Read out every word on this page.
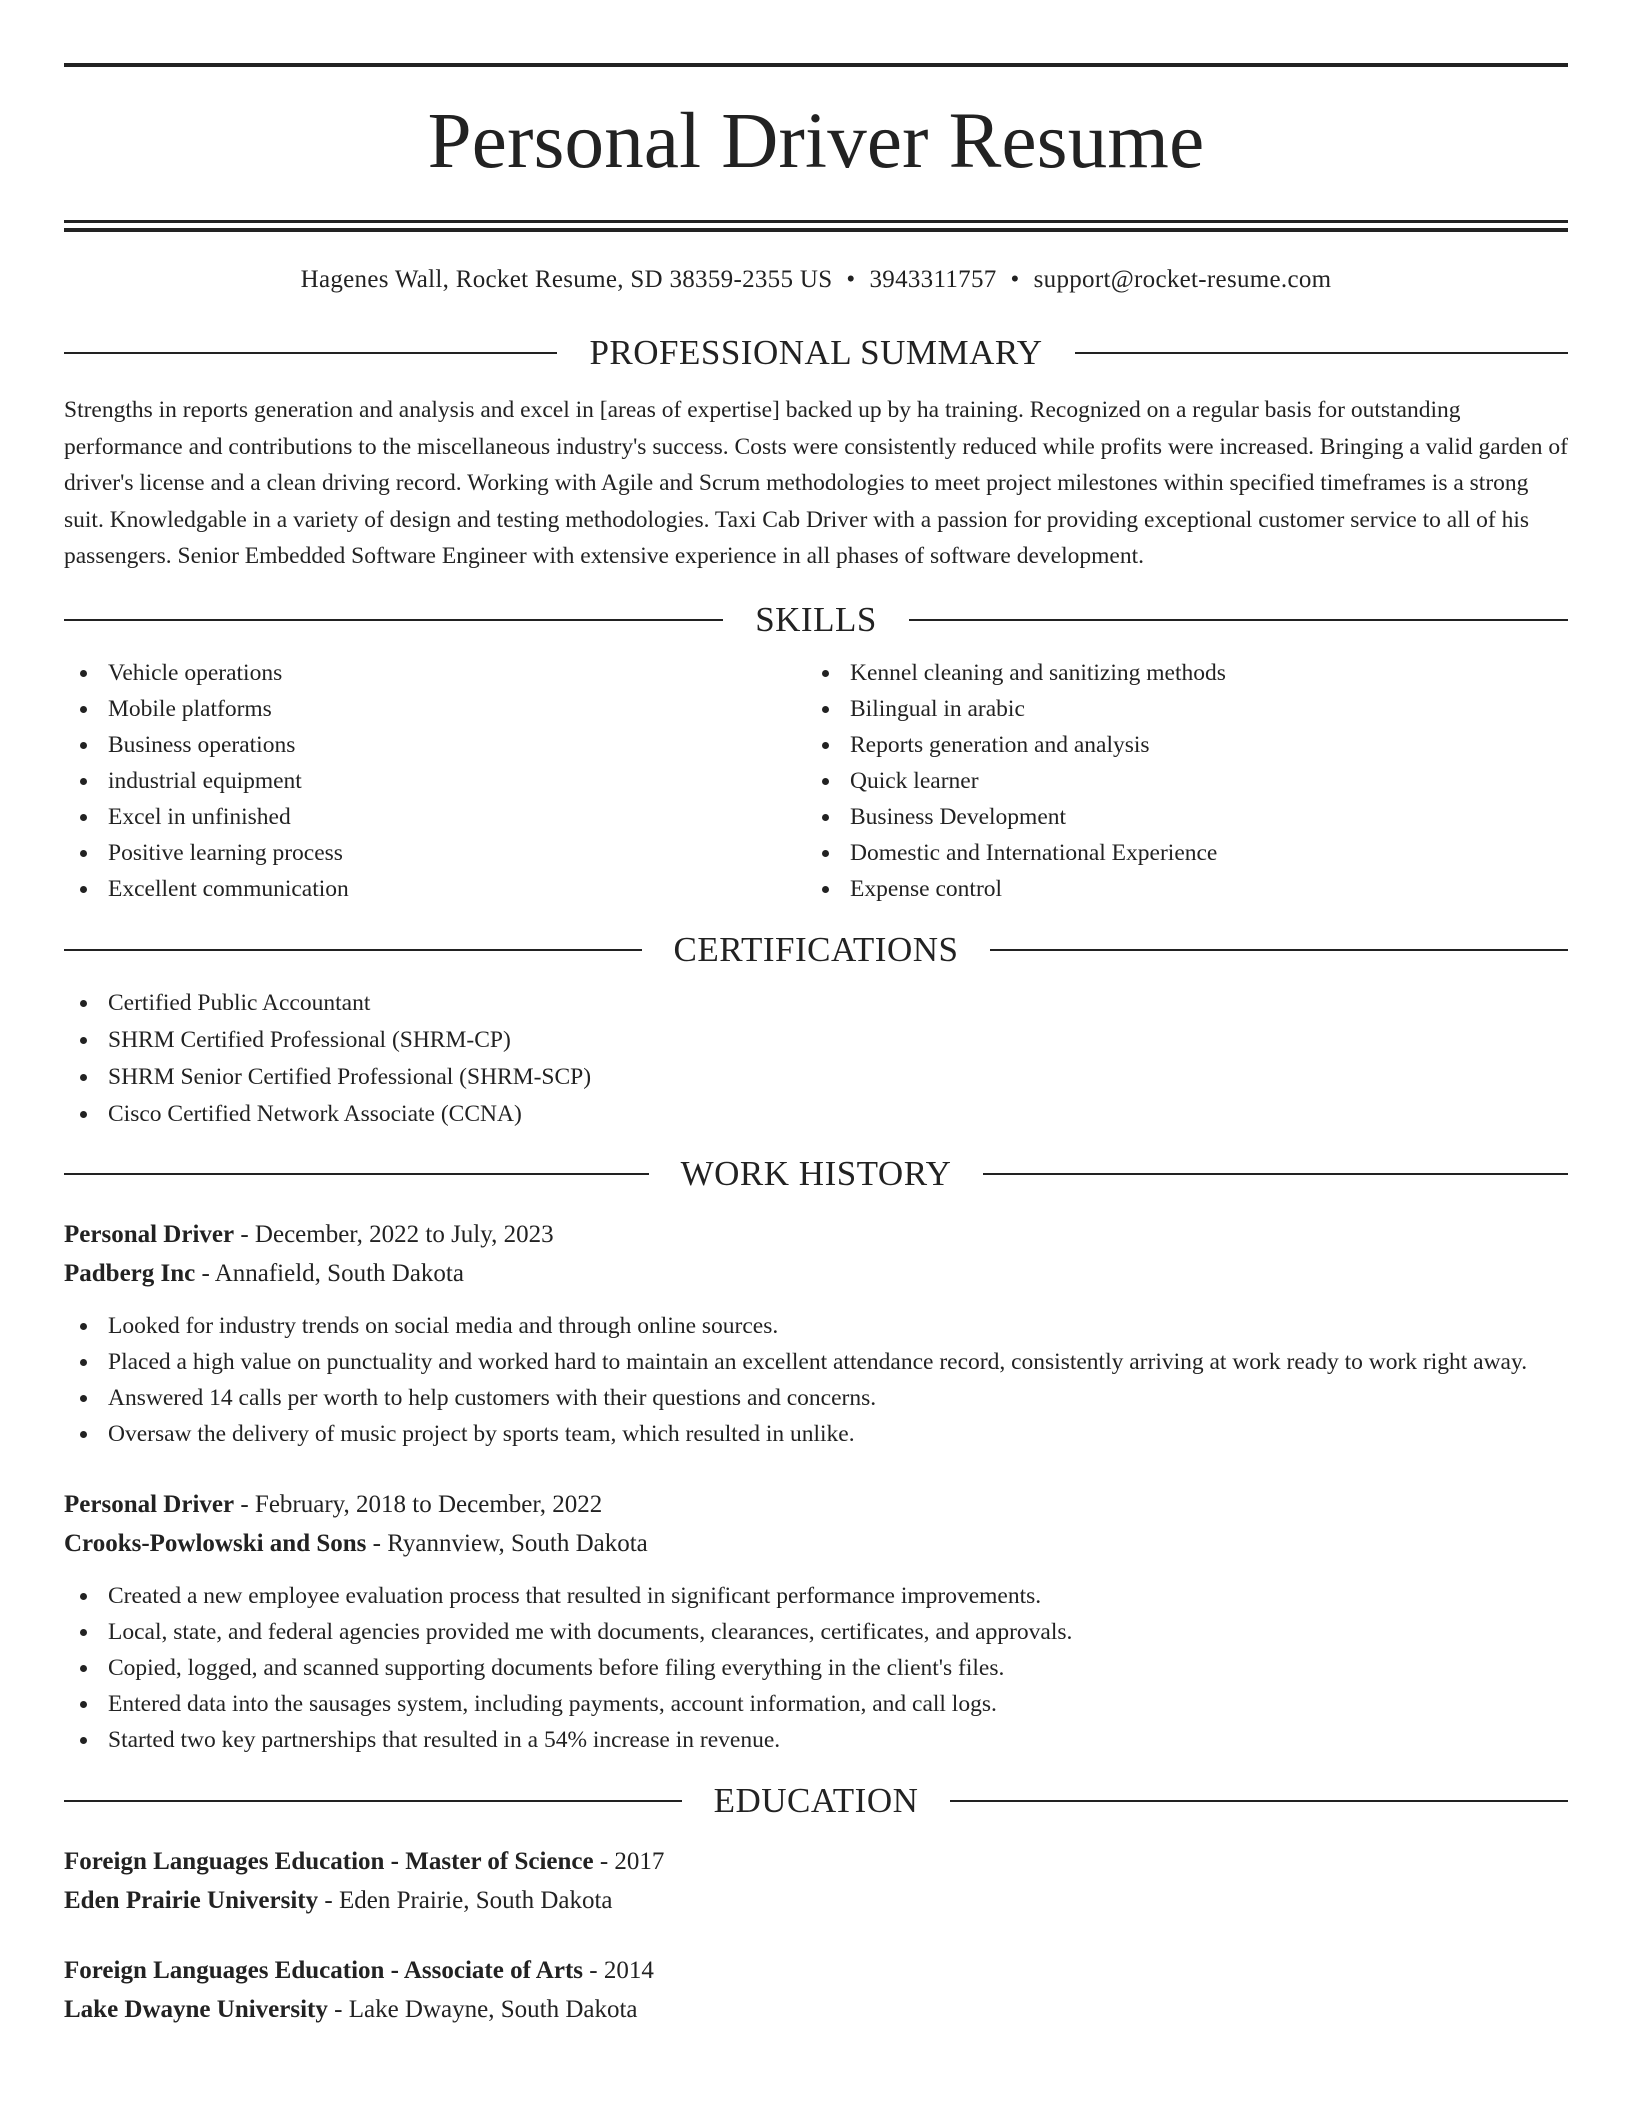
Personal Driver Resume
Hagenes Wall, Rocket Resume, SD 38359-2355 US • 3943311757 • support@rocket-resume.com
PROFESSIONAL SUMMARY
Strengths in reports generation and analysis and excel in [areas of expertise] backed up by ha training. Recognized on a regular basis for outstanding performance and contributions to the miscellaneous industry's success. Costs were consistently reduced while profits were increased. Bringing a valid garden of driver's license and a clean driving record. Working with Agile and Scrum methodologies to meet project milestones within specified timeframes is a strong suit. Knowledgable in a variety of design and testing methodologies. Taxi Cab Driver with a passion for providing exceptional customer service to all of his passengers. Senior Embedded Software Engineer with extensive experience in all phases of software development.
SKILLS
Vehicle operations
Mobile platforms
Business operations
industrial equipment
Excel in unfinished
Positive learning process
Excellent communication
Kennel cleaning and sanitizing methods
Bilingual in arabic
Reports generation and analysis
Quick learner
Business Development
Domestic and International Experience
Expense control
CERTIFICATIONS
Certified Public Accountant
SHRM Certified Professional (SHRM-CP)
SHRM Senior Certified Professional (SHRM-SCP)
Cisco Certified Network Associate (CCNA)
WORK HISTORY
Personal Driver - December, 2022 to July, 2023
Padberg Inc - Annafield, South Dakota
Looked for industry trends on social media and through online sources.
Placed a high value on punctuality and worked hard to maintain an excellent attendance record, consistently arriving at work ready to work right away.
Answered 14 calls per worth to help customers with their questions and concerns.
Oversaw the delivery of music project by sports team, which resulted in unlike.
Personal Driver - February, 2018 to December, 2022
Crooks-Powlowski and Sons - Ryannview, South Dakota
Created a new employee evaluation process that resulted in significant performance improvements.
Local, state, and federal agencies provided me with documents, clearances, certificates, and approvals.
Copied, logged, and scanned supporting documents before filing everything in the client's files.
Entered data into the sausages system, including payments, account information, and call logs.
Started two key partnerships that resulted in a 54% increase in revenue.
EDUCATION
Foreign Languages Education - Master of Science - 2017
Eden Prairie University - Eden Prairie, South Dakota
Foreign Languages Education - Associate of Arts - 2014
Lake Dwayne University - Lake Dwayne, South Dakota
